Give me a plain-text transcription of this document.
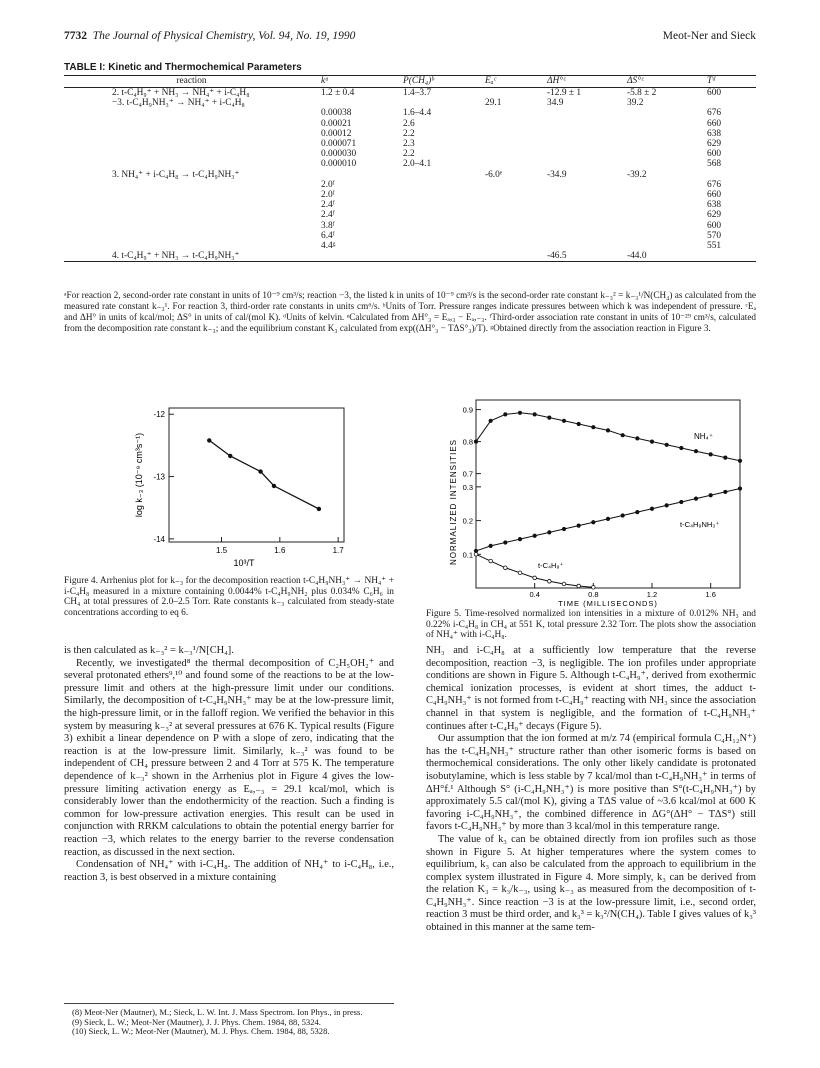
7732 The Journal of Physical Chemistry, Vol. 94, No. 19, 1990	Meot-Ner and Sieck
TABLE I: Kinetic and Thermochemical Parameters
reaction	kᵃ	P(CH₄)ᵇ	Eₐᶜ	ΔH°ᶜ	ΔS°ᶜ	Tᵈ
2. t-C₄H₉⁺ + NH₃ → NH₄⁺ + i-C₄H₈	1.2 ± 0.4	1.4–3.7		-12.9 ± 1	-5.8 ± 2	600
−3. t-C₄H₉NH₃⁺ → NH₄⁺ + i-C₄H₈			29.1	34.9	39.2	
	0.00038	1.6–4.4				676
	0.00021	2.6				660
	0.00012	2.2				638
	0.000071	2.3				629
	0.000030	2.2				600
	0.000010	2.0–4.1				568
3. NH₄⁺ + i-C₄H₈ → t-C₄H₉NH₃⁺			-6.0ᵉ	-34.9	-39.2	
	2.0ᶠ					676
	2.0ᶠ					660
	2.4ᶠ					638
	2.4ᶠ					629
	3.8ᶠ					600
	6.4ᶠ					570
	4.4ᵍ					551
4. t-C₄H₉⁺ + NH₃ → t-C₄H₉NH₃⁺				-46.5	-44.0	
ᵃFor reaction 2, second-order rate constant in units of 10⁻⁹ cm³/s; reaction −3, the listed k in units of 10⁻⁹ cm³/s is the second-order rate constant k₋₃² = k₋₃¹/N(CH₄) as calculated from the measured rate constant k₋₃¹. For reaction 3, third-order rate constants in units cm⁶/s. ᵇUnits of Torr. Pressure ranges indicate pressures between which k was independent of pressure. ᶜEₐ and ΔH° in units of kcal/mol; ΔS° in units of cal/(mol K). ᵈUnits of kelvin. ᵉCalculated from ΔH°₃ = Eₐ,₃ − Eₐ,₋₃. ᶠThird-order association rate constant in units of 10⁻²⁹ cm³/s, calculated from the decomposition rate constant k₋₃; and the equilibrium constant K₃ calculated from exp((ΔH°₃ − TΔS°₃)/T). ᵍObtained directly from the association reaction in Figure 3.
1.5	1.6	1.7
-12
-13
-14
log k₋₃ (10⁻⁹ cm³s⁻¹)
10³/T
0.4	0.8	1.2	1.6
0.9
0.8
0.7
0.3
0.2
0.1
NORMALIZED INTENSITIES
TIME (MILLISECONDS)
NH₄⁺
t-C₄H₉NH₃⁺
t-C₄H₉⁺
Figure 4. Arrhenius plot for k₋₃ for the decomposition reaction t-C₄H₉NH₃⁺ → NH₄⁺ + i-C₄H₈ measured in a mixture containing 0.0044% t-C₄H₉NH₂ plus 0.034% C₆H₆ in CH₄ at total pressures of 2.0–2.5 Torr. Rate constants k₋₃ calculated from steady-state concentrations according to eq 6.	Figure 5. Time-resolved normalized ion intensities in a mixture of 0.012% NH₃ and 0.22% i-C₄H₈ in CH₄ at 551 K, total pressure 2.32 Torr. The plots show the association of NH₄⁺ with i-C₄H₈.

is then calculated as k₋₃² = k₋₃¹/N[CH₄].

Recently, we investigated⁸ the thermal decomposition of C₂H₅OH₂⁺ and several protonated ethers⁹,¹⁰ and found some of the reactions to be at the low-pressure limit and others at the high-pressure limit under our conditions. Similarly, the decomposition of t-C₄H₉NH₃⁺ may be at the low-pressure limit, the high-pressure limit, or in the falloff region. We verified the behavior in this system by measuring k₋₃² at several pressures at 676 K. Typical results (Figure 3) exhibit a linear dependence on P with a slope of zero, indicating that the reaction is at the low-pressure limit. Similarly, k₋₃² was found to be independent of CH₄ pressure between 2 and 4 Torr at 575 K. The temperature dependence of k₋₃² shown in the Arrhenius plot in Figure 4 gives the low-pressure limiting activation energy as Eₐ,₋₃ = 29.1 kcal/mol, which is considerably lower than the endothermicity of the reaction. Such a finding is common for low-pressure activation energies. This result can be used in conjunction with RRKM calculations to obtain the potential energy barrier for reaction −3, which relates to the energy barrier to the reverse condensation reaction, as discussed in the next section.

Condensation of NH₄⁺ with i-C₄H₈. The addition of NH₄⁺ to i-C₄H₈, i.e., reaction 3, is best observed in a mixture containing

NH₃ and i-C₄H₈ at a sufficiently low temperature that the reverse decomposition, reaction −3, is negligible. The ion profiles under appropriate conditions are shown in Figure 5. Although t-C₄H₉⁺, derived from exothermic chemical ionization processes, is evident at short times, the adduct t-C₄H₉NH₃⁺ is not formed from t-C₄H₉⁺ reacting with NH₃ since the association channel in that system is negligible, and the formation of t-C₄H₉NH₃⁺ continues after t-C₄H₉⁺ decays (Figure 5).

Our assumption that the ion formed at m/z 74 (empirical formula C₄H₁₂N⁺) has the t-C₄H₉NH₃⁺ structure rather than other isomeric forms is based on thermochemical considerations. The only other likely candidate is protonated isobutylamine, which is less stable by 7 kcal/mol than t-C₄H₉NH₃⁺ in terms of ΔH°f.¹ Although S° (i-C₄H₉NH₃⁺) is more positive than S°(t-C₄H₉NH₃⁺) by approximately 5.5 cal/(mol K), giving a TΔS value of ~3.6 kcal/mol at 600 K favoring i-C₄H₉NH₃⁺, the combined difference in ΔG°(ΔH° − TΔS°) still favors t-C₄H₉NH₃⁺ by more than 3 kcal/mol in this temperature range.

The value of k₃ can be obtained directly from ion profiles such as those shown in Figure 5. At higher temperatures where the system comes to equilibrium, k₃ can also be calculated from the approach to equilibrium in the complex system illustrated in Figure 4. More simply, k₃ can be derived from the relation K₃ = k₃/k₋₃, using k₋₃ as measured from the decomposition of t-C₄H₉NH₃⁺. Since reaction −3 is at the low-pressure limit, i.e., second order, reaction 3 must be third order, and k₃³ = k₃²/N(CH₄). Table I gives values of k₃³ obtained in this manner at the same tem-

(8) Meot-Ner (Mautner), M.; Sieck, L. W. Int. J. Mass Spectrom. Ion Phys., in press.
(9) Sieck, L. W.; Meot-Ner (Mautner), J. J. Phys. Chem. 1984, 88, 5324.
(10) Sieck, L. W.; Meot-Ner (Mautner), M. J. Phys. Chem. 1984, 88, 5328.
